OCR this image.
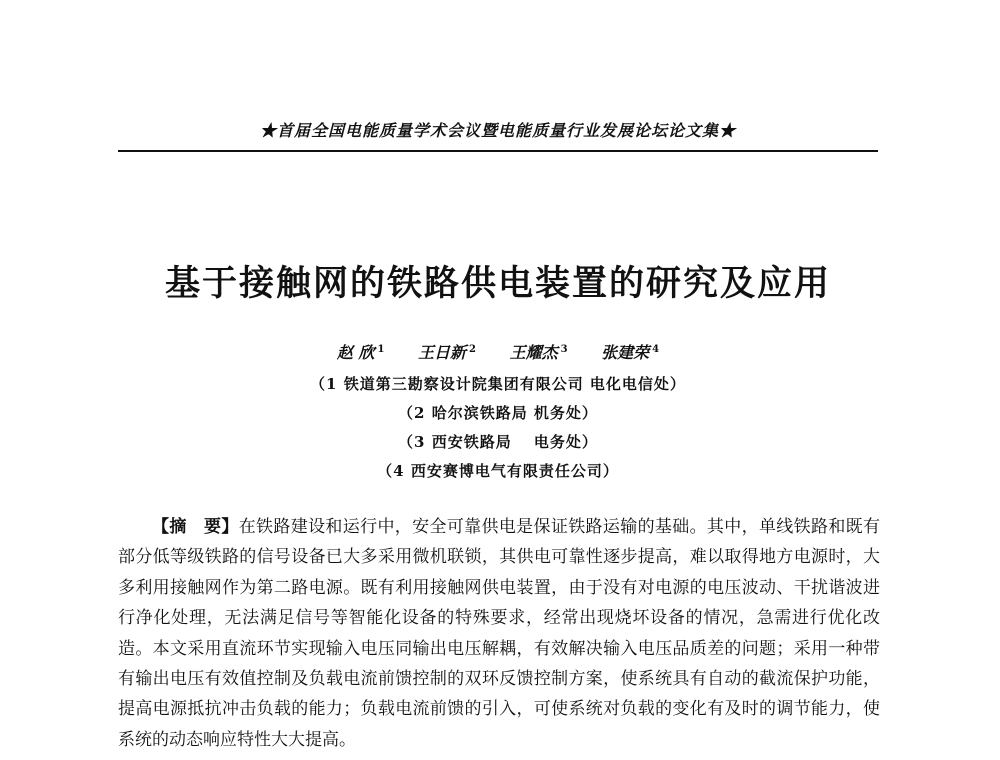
★首届全国电能质量学术会议暨电能质量行业发展论坛论文集★
基于接触网的铁路供电装置的研究及应用
赵 欣 $^1$ 王日新 $^2$ 王耀杰 $^3$ 张建荣 $^4$
（1 铁道第三勘察设计院集团有限公司 电化电信处）
（2 哈尔滨铁路局 机务处）
（3 西安铁路局　 电务处）
（4 西安赛博电气有限责任公司）

【摘　要】在铁路建设和运行中，安全可靠供电是保证铁路运输的基础。其中，单线铁路和既有部分低等级铁路的信号设备已大多采用微机联锁，其供电可靠性逐步提高，难以取得地方电源时，大多利用接触网作为第二路电源。既有利用接触网供电装置，由于没有对电源的电压波动、干扰谐波进行净化处理，无法满足信号等智能化设备的特殊要求，经常出现烧坏设备的情况，急需进行优化改造。本文采用直流环节实现输入电压同输出电压解耦，有效解决输入电压品质差的问题；采用一种带有输出电压有效值控制及负载电流前馈控制的双环反馈控制方案，使系统具有自动的截流保护功能，提高电源抵抗冲击负载的能力；负载电流前馈的引入，可使系统对负载的变化有及时的调节能力，使系统的动态响应特性大大提高。
